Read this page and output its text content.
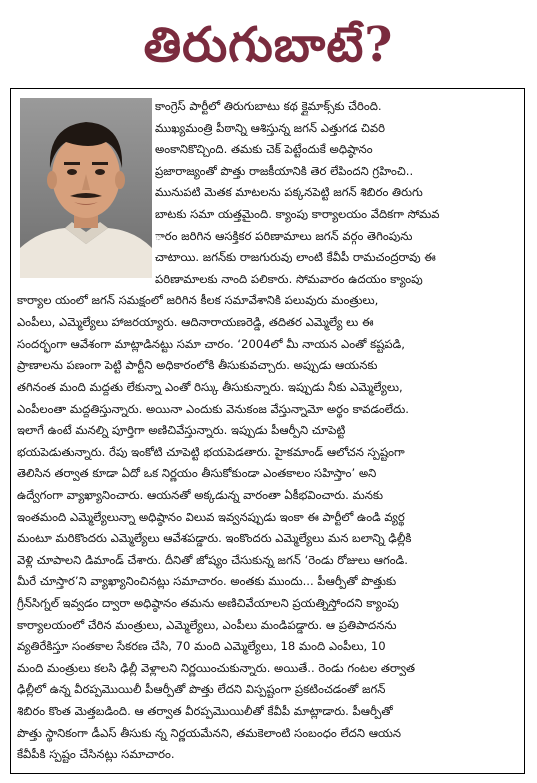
తిరుగుబాటే?
కాంగ్రెస్ పార్టీలో తిరుగుబాటు కథ క్లైమాక్స్‌కు చేరింది.
ముఖ్యమంత్రి పీఠాన్ని ఆశిస్తున్న జగన్ ఎత్తుగడ చివరి
అంకానికొచ్చింది. తమకు చెక్ పెట్టేందుకే అధిష్ఠానం
ప్రజారాజ్యంతో పొత్తు రాజకీయానికి తెర లేపిందని గ్రహించి..
మునుపటి మెతక మాటలను పక్కనపెట్టి జగన్ శిబిరం తిరుగు
బాటకు సమా యత్తమైంది. క్యాంపు కార్యాలయం వేదికగా సోమవ
ారం జరిగిన ఆసక్తికర పరిణామాలు జగన్ వర్గం తెగింపును
చాటాయి. జగన్‌కు రాజగురువు లాంటి కేవీపీ రామచంద్రరావు ఈ
పరిణామాలకు నాంది పలికారు. సోమవారం ఉదయం క్యాంపు
కార్యాల యంలో జగన్ సమక్షంలో జరిగిన కీలక సమావేశానికి పలువురు మంత్రులు,
ఎంపీలు, ఎమ్మెల్యేలు హాజరయ్యారు. ఆదినారాయణరెడ్డి, తదితర ఎమ్మెల్యే లు ఈ
సందర్భంగా ఆవేశంగా మాట్లాడినట్టు సమా చారం. ‘2004లో మీ నాయన ఎంతో కష్టపడి,
ప్రాణాలను పణంగా పెట్టి పార్టీని అధికారంలోకి తీసుకువచ్చారు. అప్పుడు ఆయనకు
తగినంత మంది మద్దతు లేకున్నా ఎంతో రిస్కు తీసుకున్నారు. ఇప్పుడు నీకు ఎమ్మెల్యేలు,
ఎంపీలంతా మద్దతిస్తున్నారు. అయినా ఎందుకు వెనుకంజ వేస్తున్నామో అర్థం కావడంలేదు.
ఇలాగే ఉంటే మనల్ని పూర్తిగా అణిచివేస్తున్నారు. ఇప్పుడు పీఆర్పీని చూపెట్టి
భయపెడుతున్నారు. రేపు ఇంకోటి చూపెట్టి భయపెడతారు. హైకమాండ్ ఆలోచన స్పష్టంగా
తెలిసిన తర్వాత కూడా ఏదో ఒక నిర్ణయం తీసుకోకుండా ఎంతకాలం సహిస్తాం’ అని
ఉద్వేగంగా వ్యాఖ్యానించారు. ఆయనతో అక్కడున్న వారంతా ఏకీభవించారు. మనకు
ఇంతమంది ఎమ్మెల్యేలున్నా అధిష్ఠానం విలువ ఇవ్వనప్పుడు ఇంకా ఈ పార్టీలో ఉండి వ్యర్థ
మంటూ మరికొందరు ఎమ్మెల్యేలు ఆవేశపడ్డారు. ఇంకొందరు ఎమ్మెల్యేలు మన బలాన్ని ఢిల్లీకి
వెళ్లి చూపాలని డిమాండ్ చేశారు. దీనితో జోష్యం చేసుకున్న జగన్ ‘రెండు రోజులు ఆగండి.
మీరే చూస్తార’ని వ్యాఖ్యానించినట్లు సమాచారం. అంతకు ముందు... పీఆర్పీతో పొత్తుకు
గ్రీన్‌సిగ్నల్ ఇవ్వడం ద్వారా అధిష్ఠానం తమను అణిచివేయాలని ప్రయత్నిస్తోందని క్యాంపు
కార్యాలయంలో చేరిన మంత్రులు, ఎమ్మెల్యేలు, ఎంపీలు మండిపడ్డారు. ఆ ప్రతిపాదనను
వ్యతిరేకిస్తూ సంతకాల సేకరణ చేసి, 70 మంది ఎమ్మెల్యేలు, 18 మంది ఎంపీలు, 10
మంది మంత్రులు కలసి ఢిల్లీ వెళ్లాలని నిర్ణయించుకున్నారు. అయితే.. రెండు గంటల తర్వాత
ఢిల్లీలో ఉన్న వీరప్పమొయిలీ పీఆర్పీతో పొత్తు లేదని విస్పష్టంగా ప్రకటించడంతో జగన్
శిబిరం కొంత మెత్తబడింది. ఆ తర్వాత వీరప్పమొయిలీతో కేవీపీ మాట్లాడారు. పీఆర్పీతో
పొత్తు స్థానికంగా డీఎస్ తీసుకు న్న నిర్ణయమేనని, తమకెలాంటి సంబంధం లేదని ఆయన
కేవీపీకి స్పష్టం చేసినట్లు సమాచారం.
